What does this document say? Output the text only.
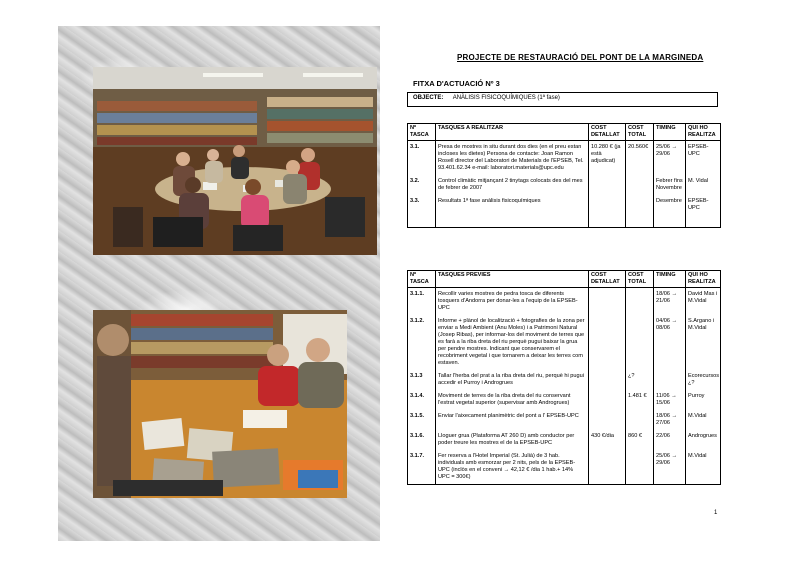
PROJECTE DE RESTAURACIÓ DEL PONT DE LA MARGINEDA
FITXA D'ACTUACIÓ Nº 3
OBJECTE: ANÀLISIS FISICOQUÍMIQUES (1ª fase)
Nº TASCA	TASQUES A REALITZAR	COST DETALLAT	COST TOTAL	TIMING	QUI HO REALITZA
3.1.	Presa de mostres in situ durant dos dies (en el preu estan incloses les dietes) Persona de contacte: Joan Ramon Rosell director del Laboratori de Materials de l'EPSEB, Tel. 93.401.62.34 e-mail: laboratori.materials@upc.edu	10.280 € (ja està adjudicat)	20.560€	25/06 → 29/06	EPSEB-UPC
3.2.	Control climàtic mitjançant 2 tinytags colocats des del mes de febrer de 2007			Febrer fins Novembre	M. Vidal
3.3.	Resultats 1ª fase anàlisis fisicoquímiques			Desembre	EPSEB-UPC
Nº TASCA	TASQUES PREVIES	COST DETALLAT	COST TOTAL	TIMING	QUI HO REALITZA
3.1.1.	Recollir varies mostres de pedra tosca de diferents tosquers d'Andorra per donar-les a l'equip de la EPSEB-UPC			18/06 → 21/06	David Mas i M.Vidal
3.1.2.	Informe + plànol de localització + fotografies de la zona per enviar a Medi Ambient (Anu Moles) i a Patrimoni Natural (Josep Ribas), per informar-los del moviment de terres que es farà a la riba dreta del riu perquè pugui baixar la grua per pendre mostres. Indicant que conservarem el recobriment vegetal i que tornarem a deixar les terres com estaven.			04/06 → 08/06	S.Argano i M.Vidal
3.1.3	Tallar l'herba del prat a la riba dreta del riu, perquè hi pugui accedir el Purroy i Androgrues		¿?		Ecorecursos ¿?
3.1.4.	Moviment de terres de la riba dreta del riu conservant l'estrat vegetal superior (supervisar amb Androgrues)		1.481 €	11/06 → 15/06	Purroy
3.1.5.	Enviar l'aixecament planimètric del pont a l' EPSEB-UPC			18/06 → 27/06	M.Vidal
3.1.6.	Lloguer grua (Plataforma AT 260 D) amb conductor per poder treure les mostres el de la EPSEB-UPC	430 €/dia	860 €	22/06	Androgrues
3.1.7.	Fer reserva a l'Hotel Imperial (St. Julià) de 3 hab. individuals amb esmorzar per 2 nits, pels de la EPSEB-UPC (inclòs en el conveni → 42,12 € /dia 1 hab.+ 14% UPC = 300€)			25/06 → 29/06	M.Vidal
1
